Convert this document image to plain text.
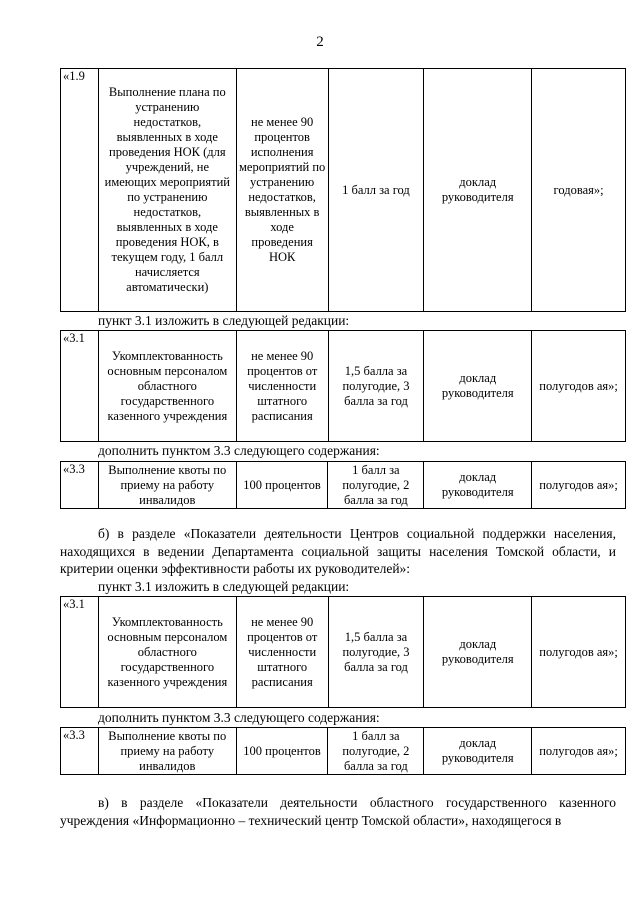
2
«1.9	Выполнение плана по устранению недостатков, выявленных в ходе проведения НОК (для учреждений, не имеющих мероприятий по устранению недостатков, выявленных в ходе проведения НОК, в текущем году, 1 балл начисляется автоматически)	не менее 90 процентов исполнения мероприятий по устранению недостатков, выявленных в ходе проведения НОК	1 балл за год	доклад руководителя	годовая»;
пункт 3.1 изложить в следующей редакции:
«3.1	Укомплектованность основным персоналом областного государственного казенного учреждения	не менее 90 процентов от численности штатного расписания	1,5 балла за полугодие, 3 балла за год	доклад руководителя	полугодов ая»;
дополнить пунктом 3.3 следующего содержания:
«3.3	Выполнение квоты по приему на работу инвалидов	100 процентов	1 балл за полугодие, 2 балла за год	доклад руководителя	полугодов ая»;
б) в разделе «Показатели деятельности Центров социальной поддержки населения, находящихся в ведении Департамента социальной защиты населения Томской области, и критерии оценки эффективности работы их руководителей»:
пункт 3.1 изложить в следующей редакции:
«3.1	Укомплектованность основным персоналом областного государственного казенного учреждения	не менее 90 процентов от численности штатного расписания	1,5 балла за полугодие, 3 балла за год	доклад руководителя	полугодов ая»;
дополнить пунктом 3.3 следующего содержания:
«3.3	Выполнение квоты по приему на работу инвалидов	100 процентов	1 балл за полугодие, 2 балла за год	доклад руководителя	полугодов ая»;
в) в разделе «Показатели деятельности областного государственного казенного учреждения «Информационно – технический центр Томской области», находящегося в
